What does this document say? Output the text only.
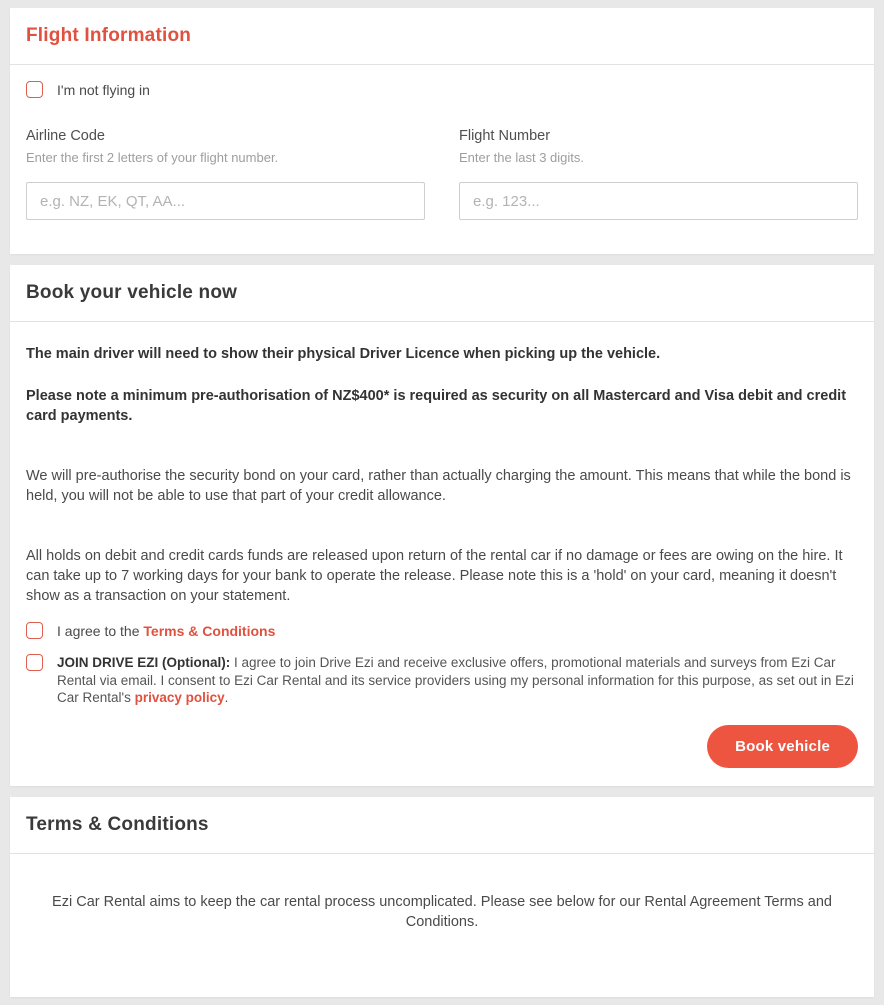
Flight Information
I'm not flying in
Airline Code
Enter the first 2 letters of your flight number.
e.g. NZ, EK, QT, AA...
Flight Number
Enter the last 3 digits.
e.g. 123...
Book your vehicle now

The main driver will need to show their physical Driver Licence when picking up the vehicle.

Please note a minimum pre-authorisation of NZ$400* is required as security on all Mastercard and Visa debit and credit card payments.

We will pre-authorise the security bond on your card, rather than actually charging the amount. This means that while the bond is held, you will not be able to use that part of your credit allowance.

All holds on debit and credit cards funds are released upon return of the rental car if no damage or fees are owing on the hire. It can take up to 7 working days for your bank to operate the release. Please note this is a 'hold' on your card, meaning it doesn't show as a transaction on your statement.

I agree to the Terms & Conditions
JOIN DRIVE EZI (Optional): I agree to join Drive Ezi and receive exclusive offers, promotional materials and surveys from Ezi Car Rental via email. I consent to Ezi Car Rental and its service providers using my personal information for this purpose, as set out in Ezi Car Rental's privacy policy.
Book vehicle
Terms & Conditions

Ezi Car Rental aims to keep the car rental process uncomplicated. Please see below for our Rental Agreement Terms and Conditions.
